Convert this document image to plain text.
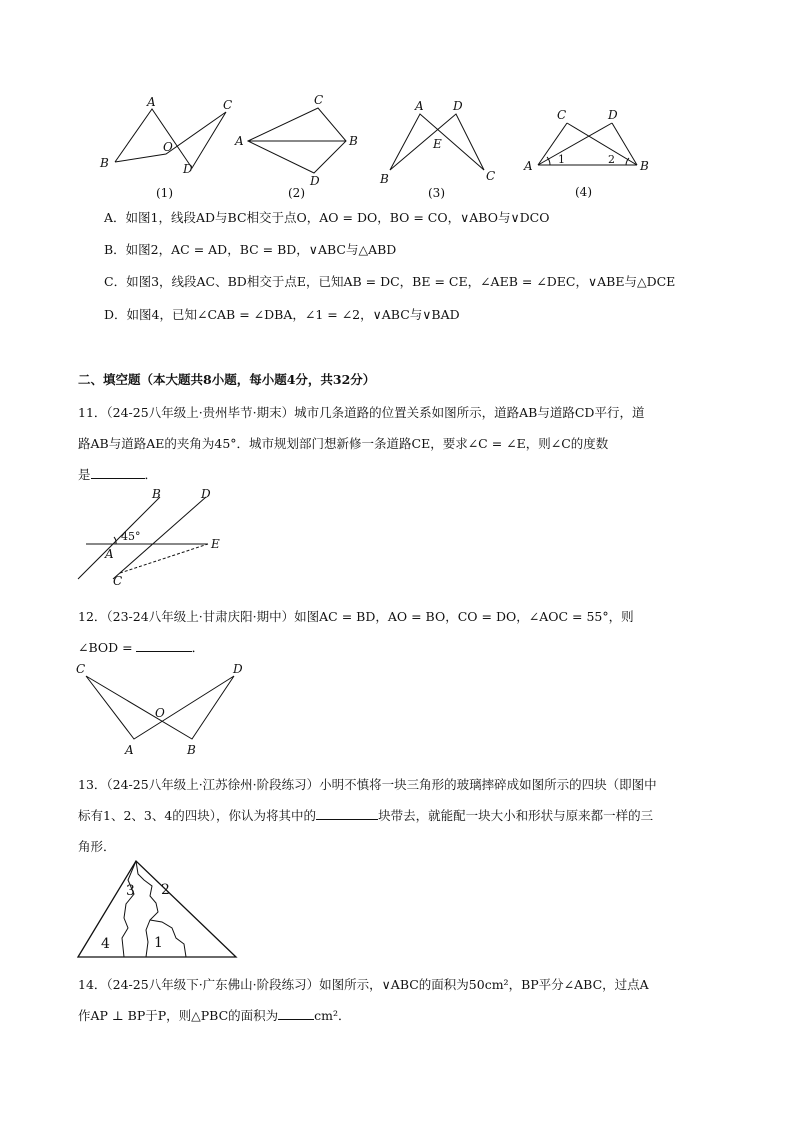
A
B
C
D
O
(1)
A	B
C
D
(2)
A
B	C
D
E
(3)
A	B
C	D
1	2
(4)
A．如图1，线段AD与BC相交于点O，AO = DO，BO = CO，∨ABO与∨DCO
B．如图2，AC = AD，BC = BD，∨ABC与△ABD
C．如图3，线段AC、BD相交于点E，已知AB = DC，BE = CE，∠AEB = ∠DEC，∨ABE与△DCE
D．如图4，已知∠CAB = ∠DBA，∠1 = ∠2，∨ABC与∨BAD
二、填空题（本大题共8小题，每小题4分，共32分）
11．（24-25八年级上·贵州毕节·期末）城市几条道路的位置关系如图所示，道路AB与道路CD平行，道
路AB与道路AE的夹角为45°．城市规划部门想新修一条道路CE，要求∠C = ∠E，则∠C的度数
是	．
B	D
A
E
C
45°
12．（23-24八年级上·甘肃庆阳·期中）如图AC = BD，AO = BO，CO = DO，∠AOC = 55°，则
∠BOD =	．
C	D
O
A	B
13．（24-25八年级上·江苏徐州·阶段练习）小明不慎将一块三角形的玻璃摔碎成如图所示的四块（即图中
标有1、2、3、4的四块），你认为将其中的	块带去，就能配一块大小和形状与原来都一样的三
角形．
3 2
4	1
14．（24-25八年级下·广东佛山·阶段练习）如图所示，∨ABC的面积为50cm²，BP平分∠ABC，过点A
作AP ⊥ BP于P，则△PBC的面积为	cm²．
